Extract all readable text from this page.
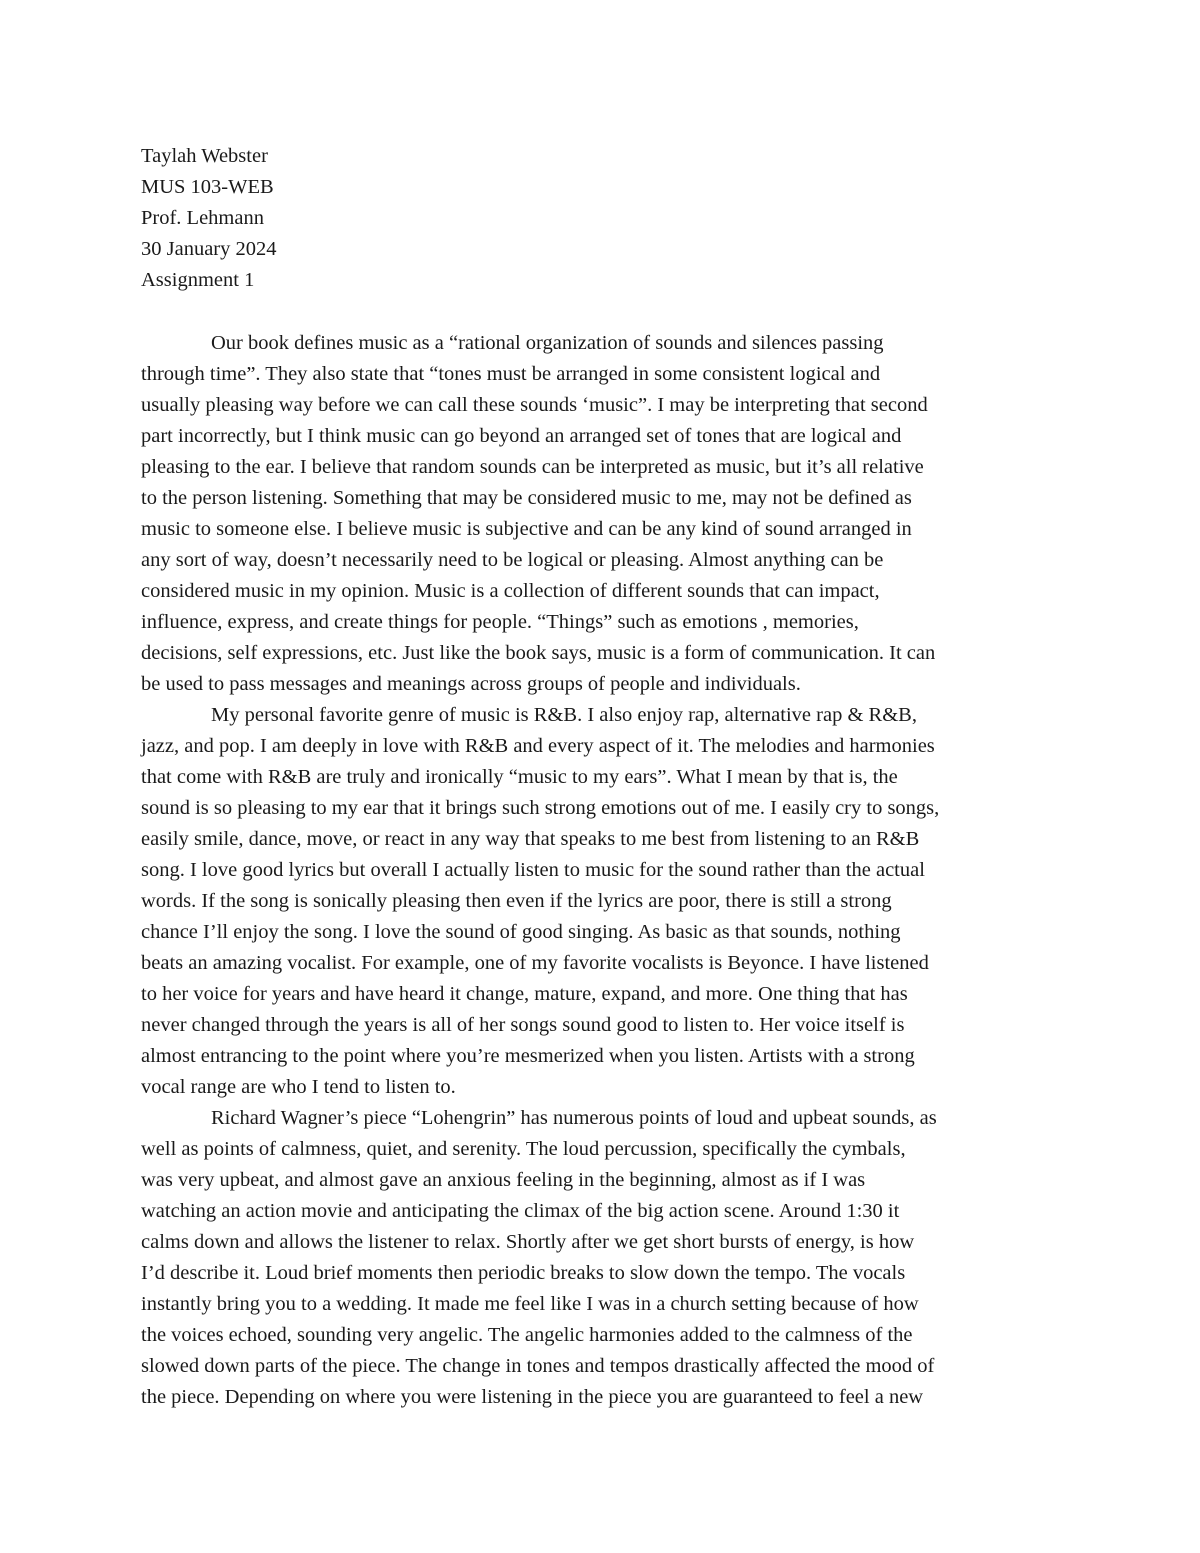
Taylah Webster
MUS 103-WEB
Prof. Lehmann
30 January 2024
Assignment 1
Our book defines music as a “rational organization of sounds and silences passing
through time”. They also state that “tones must be arranged in some consistent logical and
usually pleasing way before we can call these sounds ‘music”. I may be interpreting that second
part incorrectly, but I think music can go beyond an arranged set of tones that are logical and
pleasing to the ear. I believe that random sounds can be interpreted as music, but it’s all relative
to the person listening. Something that may be considered music to me, may not be defined as
music to someone else. I believe music is subjective and can be any kind of sound arranged in
any sort of way, doesn’t necessarily need to be logical or pleasing. Almost anything can be
considered music in my opinion. Music is a collection of different sounds that can impact,
influence, express, and create things for people. “Things” such as emotions , memories,
decisions, self expressions, etc. Just like the book says, music is a form of communication. It can
be used to pass messages and meanings across groups of people and individuals.
My personal favorite genre of music is R&B. I also enjoy rap, alternative rap & R&B,
jazz, and pop. I am deeply in love with R&B and every aspect of it. The melodies and harmonies
that come with R&B are truly and ironically “music to my ears”. What I mean by that is, the
sound is so pleasing to my ear that it brings such strong emotions out of me. I easily cry to songs,
easily smile, dance, move, or react in any way that speaks to me best from listening to an R&B
song. I love good lyrics but overall I actually listen to music for the sound rather than the actual
words. If the song is sonically pleasing then even if the lyrics are poor, there is still a strong
chance I’ll enjoy the song. I love the sound of good singing. As basic as that sounds, nothing
beats an amazing vocalist. For example, one of my favorite vocalists is Beyonce. I have listened
to her voice for years and have heard it change, mature, expand, and more. One thing that has
never changed through the years is all of her songs sound good to listen to. Her voice itself is
almost entrancing to the point where you’re mesmerized when you listen. Artists with a strong
vocal range are who I tend to listen to.
Richard Wagner’s piece “Lohengrin” has numerous points of loud and upbeat sounds, as
well as points of calmness, quiet, and serenity. The loud percussion, specifically the cymbals,
was very upbeat, and almost gave an anxious feeling in the beginning, almost as if I was
watching an action movie and anticipating the climax of the big action scene. Around 1:30 it
calms down and allows the listener to relax. Shortly after we get short bursts of energy, is how
I’d describe it. Loud brief moments then periodic breaks to slow down the tempo. The vocals
instantly bring you to a wedding. It made me feel like I was in a church setting because of how
the voices echoed, sounding very angelic. The angelic harmonies added to the calmness of the
slowed down parts of the piece. The change in tones and tempos drastically affected the mood of
the piece. Depending on where you were listening in the piece you are guaranteed to feel a new
